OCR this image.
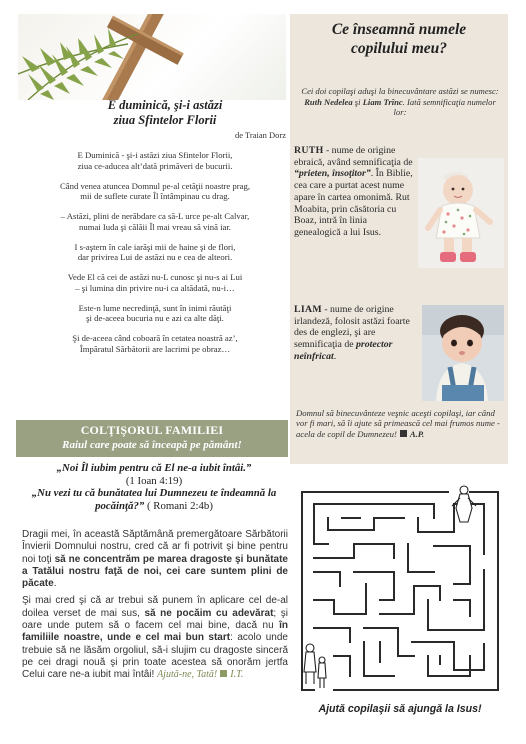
E duminică, şi-i astăzi
ziua Sfintelor Florii
de Traian Dorz
E Duminică - şi-i astăzi ziua Sfintelor Florii,
ziua ce-aducea alt’dată primăveri de bucurii.
Când venea atuncea Domnul pe-al cetăţii noastre prag,
mii de suflete curate Îl întâmpinau cu drag.
– Astăzi, plini de nerăbdare ca să-L urce pe-alt Calvar,
numai Iuda şi călăii Îl mai vreau să vină iar.
I s-aştern în cale iarăşi mii de haine şi de flori,
dar privirea Lui de astăzi nu e cea de alteori.
Vede El că cei de astăzi nu-L cunosc şi nu-s ai Lui
– şi lumina din privire nu-i ca altădată, nu-i…
Este-n lume necredinţă, sunt în inimi răutăţi
şi de-aceea bucuria nu e azi ca alte dăţi.
Şi de-aceea când coboară în cetatea noastră az’,
Împăratul Sărbătorii are lacrimi pe obraz…
COLŢIŞORUL FAMILIEI
Raiul care poate să înceapă pe pământ!
„Noi Îl iubim pentru că El ne-a iubit întâi.”
(1 Ioan 4:19)
„Nu vezi tu că bunătatea lui Dumnezeu te îndeamnă la pocăinţă?” ( Romani 2:4b)

Dragii mei, în această Săptămână premergătoare Sărbătorii Învierii Domnului nostru, cred că ar fi potrivit şi bine pentru noi toţi să ne concentrăm pe marea dragoste şi bunătate a Tatălui nostru faţă de noi, cei care suntem plini de păcate.

Şi mai cred şi că ar trebui să punem în aplicare cel de-al doilea verset de mai sus, să ne pocăim cu adevărat; şi oare unde putem să o facem cel mai bine, dacă nu în familiile noastre, unde e cel mai bun start: acolo unde trebuie să ne lăsăm orgoliul, să-i slujim cu dragoste sinceră pe cei dragi nouă şi prin toate acestea să onorăm jertfa Celui care ne-a iubit mai întâi! Ajută-ne, Tată! I.T.

Ce înseamnă numele
copilului meu?
Cei doi copilaşi aduşi la binecuvântare astăzi se numesc: Ruth Nedelea şi Liam Trînc. Iată semnificaţia numelor lor:
RUTH - nume de origine ebraică, având semnificaţia de “prieten, însoţitor”. În Biblie, cea care a purtat acest nume apare în cartea omonimă. Rut Moabita, prin căsătoria cu Boaz, intră în linia genealogică a lui Isus.
LIAM - nume de origine irlandeză, folosit astăzi foarte des de englezi, şi are semnificaţia de protector neînfricat.
Domnul să binecuvânteze veşnic aceşti copilaşi, iar când vor fi mari, să îi ajute să primească cel mai frumos nume - acela de copil de Dumnezeu! A.P.
Ajută copilaşii să ajungă la Isus!
